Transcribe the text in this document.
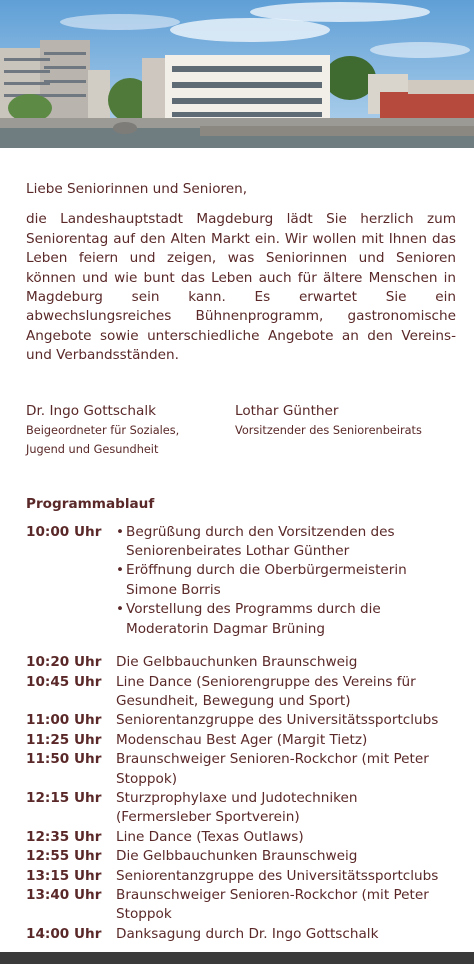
Liebe Seniorinnen und Senioren,

die Landeshauptstadt Magdeburg lädt Sie herzlich zum Seniorentag auf den Alten Markt ein. Wir wollen mit Ihnen das Leben feiern und zeigen, was Seniorinnen und Senioren können und wie bunt das Leben auch für ältere Menschen in Magdeburg sein kann. Es erwartet Sie ein abwechslungsreiches Bühnenprogramm, gastronomische Angebote sowie unterschiedliche Angebote an den Vereins- und Verbandsständen.

Dr. Ingo Gottschalk
Beigeordneter für Soziales, Jugend und Gesundheit
Lothar Günther
Vorsitzender des Seniorenbeirats
Programmablauf
10:00 Uhr
•	Begrüßung durch den Vorsitzenden des Seniorenbeirates Lothar Günther
• Eröffnung durch die Oberbürgermeisterin Simone Borris
• Vorstellung des Programms durch die Moderatorin Dagmar Brüning
10:20 Uhr	Die Gelbbauchunken Braunschweig
10:45 Uhr	Line Dance (Seniorengruppe des Vereins für Gesundheit, Bewegung und Sport)
11:00 Uhr	Seniorentanzgruppe des Universitätssportclubs
11:25 Uhr	Modenschau Best Ager (Margit Tietz)
11:50 Uhr	Braunschweiger Senioren-Rockchor (mit Peter Stoppok)
12:15 Uhr	Sturzprophylaxe und Judotechniken (Fermersleber Sportverein)
12:35 Uhr	Line Dance (Texas Outlaws)
12:55 Uhr	Die Gelbbauchunken Braunschweig
13:15 Uhr	Seniorentanzgruppe des Universitätssportclubs
13:40 Uhr	Braunschweiger Senioren-Rockchor (mit Peter Stoppok
14:00 Uhr	Danksagung durch Dr. Ingo Gottschalk
